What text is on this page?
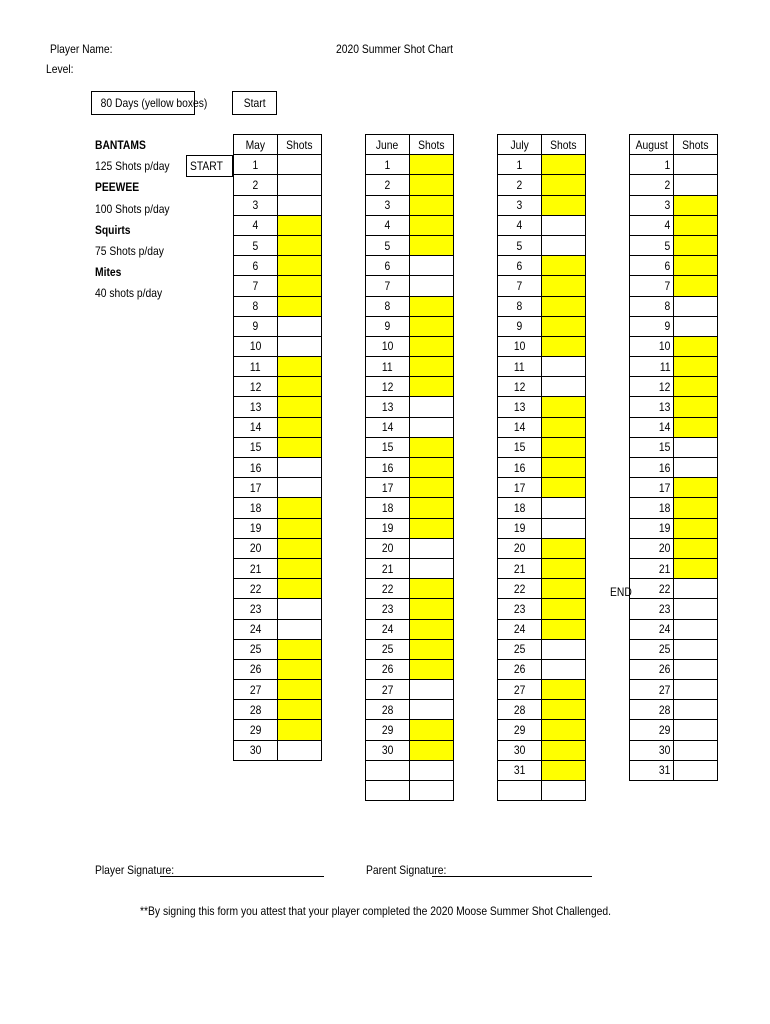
Player Name:
Level:
2020 Summer Shot Chart
80 Days (yellow boxes)	Start
BANTAMS
125 Shots p/day
PEEWEE
100 Shots p/day
Squirts
75 Shots p/day
Mites
40 shots p/day
START
END
May	Shots
1	
2	
3	
4	
5	
6	
7	
8	
9	
10	
11	
12	
13	
14	
15	
16	
17	
18	
19	
20	
21	
22	
23	
24	
25	
26	
27	
28	
29	
30	
June	Shots
1	
2	
3	
4	
5	
6	
7	
8	
9	
10	
11	
12	
13	
14	
15	
16	
17	
18	
19	
20	
21	
22	
23	
24	
25	
26	
27	
28	
29	
30	

July	Shots
1	
2	
3	
4	
5	
6	
7	
8	
9	
10	
11	
12	
13	
14	
15	
16	
17	
18	
19	
20	
21	
22	
23	
24	
25	
26	
27	
28	
29	
30	
31	

August	Shots
1	
2	
3	
4	
5	
6	
7	
8	
9	
10	
11	
12	
13	
14	
15	
16	
17	
18	
19	
20	
21	
22	
23	
24	
25	
26	
27	
28	
29	
30	
31	
Player Signature:	Parent Signature:
**By signing this form you attest that your player completed the 2020 Moose Summer Shot Challenged.
